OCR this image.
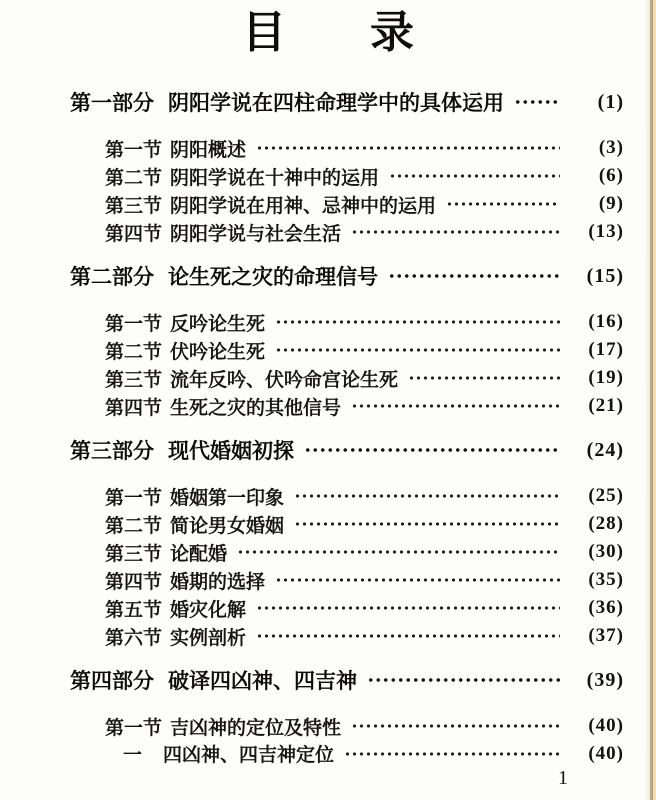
目 录
第一部分 阴阳学说在四柱命理学中的具体运用	(1)
第一节 阴阳概述	(3)
第二节 阴阳学说在十神中的运用	(6)
第三节 阴阳学说在用神、忌神中的运用	(9)
第四节 阴阳学说与社会生活	(13)
第二部分 论生死之灾的命理信号	(15)
第一节 反吟论生死	(16)
第二节 伏吟论生死	(17)
第三节 流年反吟、伏吟命宫论生死	(19)
第四节 生死之灾的其他信号	(21)
第三部分 现代婚姻初探	(24)
第一节 婚姻第一印象	(25)
第二节 简论男女婚姻	(28)
第三节 论配婚	(30)
第四节 婚期的选择	(35)
第五节 婚灾化解	(36)
第六节 实例剖析	(37)
第四部分 破译四凶神、四吉神	(39)
第一节 吉凶神的定位及特性	(40)
一	四凶神、四吉神定位	(40)
1
